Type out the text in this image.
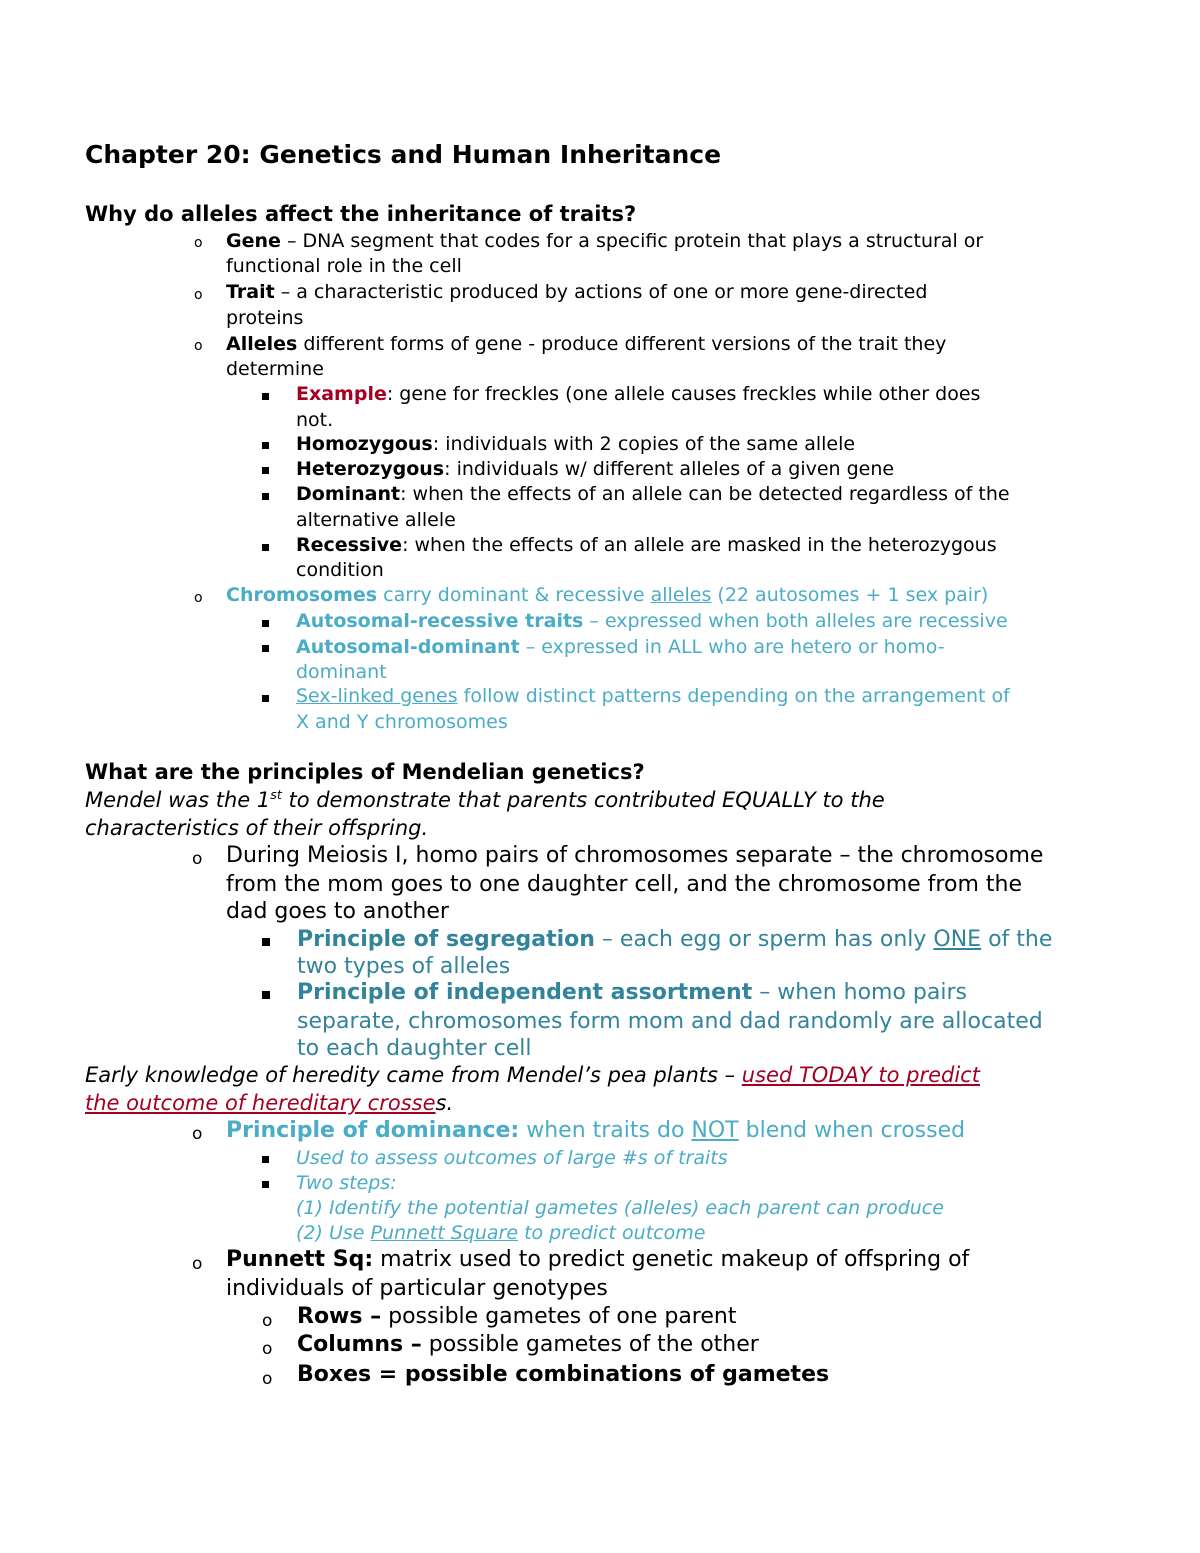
Chapter 20: Genetics and Human Inheritance
Why do alleles affect the inheritance of traits?
o Gene – DNA segment that codes for a specific protein that plays a structural or
functional role in the cell
o Trait – a characteristic produced by actions of one or more gene-directed
proteins
o Alleles different forms of gene - produce different versions of the trait they
determine
Example: gene for freckles (one allele causes freckles while other does
not.
Homozygous: individuals with 2 copies of the same allele
Heterozygous: individuals w/ different alleles of a given gene
Dominant: when the effects of an allele can be detected regardless of the
alternative allele
Recessive: when the effects of an allele are masked in the heterozygous
condition
o Chromosomes carry dominant & recessive alleles (22 autosomes + 1 sex pair)
Autosomal-recessive traits – expressed when both alleles are recessive
Autosomal-dominant – expressed in ALL who are hetero or homo-
dominant
Sex-linked genes follow distinct patterns depending on the arrangement of
X and Y chromosomes
What are the principles of Mendelian genetics?
Mendel was the 1st to demonstrate that parents contributed EQUALLY to the
characteristics of their offspring.
o During Meiosis I, homo pairs of chromosomes separate – the chromosome
from the mom goes to one daughter cell, and the chromosome from the
dad goes to another
Principle of segregation – each egg or sperm has only ONE of the
two types of alleles
Principle of independent assortment – when homo pairs
separate, chromosomes form mom and dad randomly are allocated
to each daughter cell
Early knowledge of heredity came from Mendel’s pea plants – used TODAY to predict
the outcome of hereditary crosses.
o Principle of dominance: when traits do NOT blend when crossed
Used to assess outcomes of large #s of traits
Two steps:
(1) Identify the potential gametes (alleles) each parent can produce
(2) Use Punnett Square to predict outcome
o Punnett Sq: matrix used to predict genetic makeup of offspring of
individuals of particular genotypes
o Rows – possible gametes of one parent
o Columns – possible gametes of the other
o Boxes = possible combinations of gametes
